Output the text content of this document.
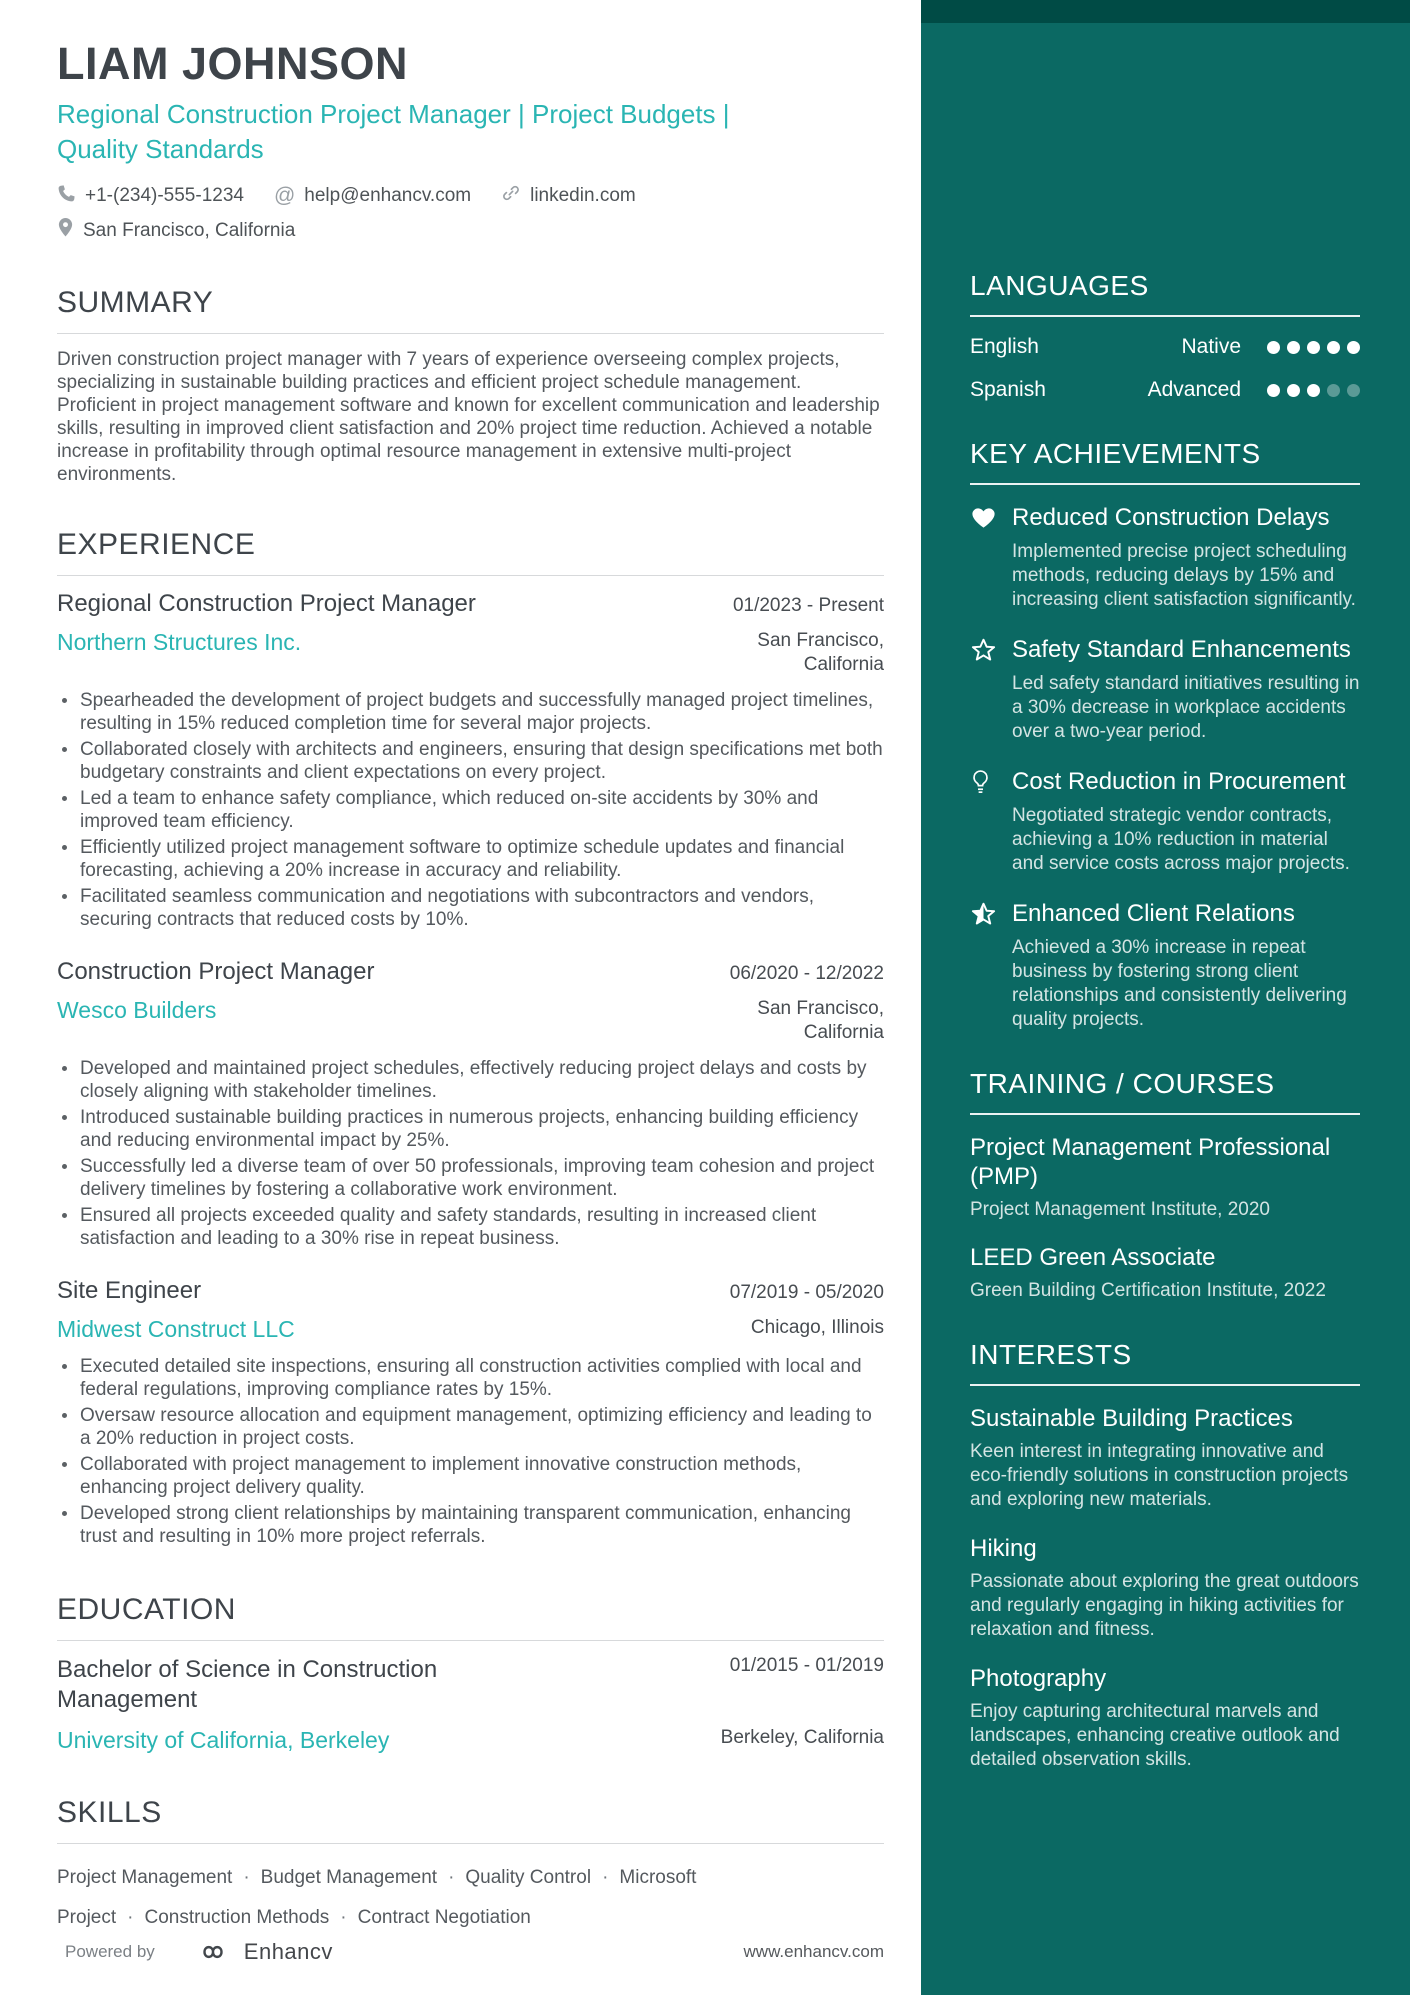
LIAM JOHNSON
Regional Construction Project Manager | Project Budgets | Quality Standards
+1-(234)-555-1234 @ help@enhancv.com	linkedin.com
San Francisco, California
SUMMARY

Driven construction project manager with 7 years of experience overseeing complex projects, specializing in sustainable building practices and efficient project schedule management. Proficient in project management software and known for excellent communication and leadership skills, resulting in improved client satisfaction and 20% project time reduction. Achieved a notable increase in profitability through optimal resource management in extensive multi-project environments.

EXPERIENCE
Regional Construction Project Manager	01/2023 - Present
Northern Structures Inc.	San Francisco, California
Spearheaded the development of project budgets and successfully managed project timelines, resulting in 15% reduced completion time for several major projects.
Collaborated closely with architects and engineers, ensuring that design specifications met both budgetary constraints and client expectations on every project.
Led a team to enhance safety compliance, which reduced on-site accidents by 30% and improved team efficiency.
Efficiently utilized project management software to optimize schedule updates and financial forecasting, achieving a 20% increase in accuracy and reliability.
Facilitated seamless communication and negotiations with subcontractors and vendors, securing contracts that reduced costs by 10%.
Construction Project Manager	06/2020 - 12/2022
Wesco Builders	San Francisco, California
Developed and maintained project schedules, effectively reducing project delays and costs by closely aligning with stakeholder timelines.
Introduced sustainable building practices in numerous projects, enhancing building efficiency and reducing environmental impact by 25%.
Successfully led a diverse team of over 50 professionals, improving team cohesion and project delivery timelines by fostering a collaborative work environment.
Ensured all projects exceeded quality and safety standards, resulting in increased client satisfaction and leading to a 30% rise in repeat business.
Site Engineer	07/2019 - 05/2020
Midwest Construct LLC	Chicago, Illinois
Executed detailed site inspections, ensuring all construction activities complied with local and federal regulations, improving compliance rates by 15%.
Oversaw resource allocation and equipment management, optimizing efficiency and leading to a 20% reduction in project costs.
Collaborated with project management to implement innovative construction methods, enhancing project delivery quality.
Developed strong client relationships by maintaining transparent communication, enhancing trust and resulting in 10% more project referrals.
EDUCATION
Bachelor of Science in Construction Management
01/2015 - 01/2019
University of California, Berkeley	Berkeley, California
SKILLS
Project Management · Budget Management · Quality Control · Microsoft Project · Construction Methods · Contract Negotiation
Powered by	Enhancv	www.enhancv.com
LANGUAGES
English	Native
Spanish	Advanced
KEY ACHIEVEMENTS
Reduced Construction Delays
Implemented precise project scheduling methods, reducing delays by 15% and increasing client satisfaction significantly.
Safety Standard Enhancements
Led safety standard initiatives resulting in a 30% decrease in workplace accidents over a two-year period.
Cost Reduction in Procurement
Negotiated strategic vendor contracts, achieving a 10% reduction in material and service costs across major projects.
Enhanced Client Relations
Achieved a 30% increase in repeat business by fostering strong client relationships and consistently delivering quality projects.
TRAINING / COURSES
Project Management Professional (PMP)
Project Management Institute, 2020
LEED Green Associate
Green Building Certification Institute, 2022
INTERESTS
Sustainable Building Practices
Keen interest in integrating innovative and eco-friendly solutions in construction projects and exploring new materials.
Hiking
Passionate about exploring the great outdoors and regularly engaging in hiking activities for relaxation and fitness.
Photography
Enjoy capturing architectural marvels and landscapes, enhancing creative outlook and detailed observation skills.
